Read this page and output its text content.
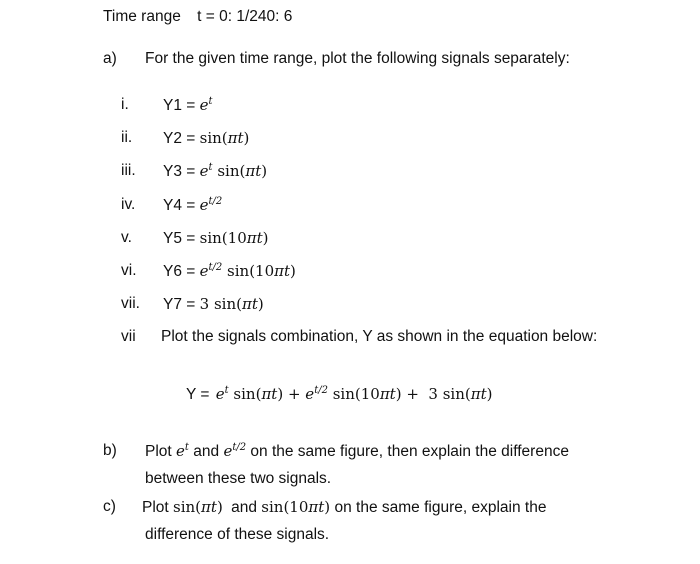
Time range t = 0: 1/240: 6
a) For the given time range, plot the following signals separately:
i. $Y1 = e^t$
ii. Y2 = sin(πt)
iii. $Y3 = e^t$ sin(πt)
iv. $Y4 = e^{t/2}$
v. Y5 = sin(10πt)
vi. $Y6 = e^{t/2}$ sin(10πt)
vii. Y7 = 3 sin(πt)
vii Plot the signals combination, Y as shown in the equation below:
$Y = e^t$ $\sin(\pi t) + e^{t/2}$ sin(10πt) +  3 sin(πt)
b) Plot $e^t$ and $e^{t/2}$ on the same figure, then explain the difference
between these two signals.
c) Plot sin(πt) and sin(10πt) on the same figure, explain the
difference of these signals.
